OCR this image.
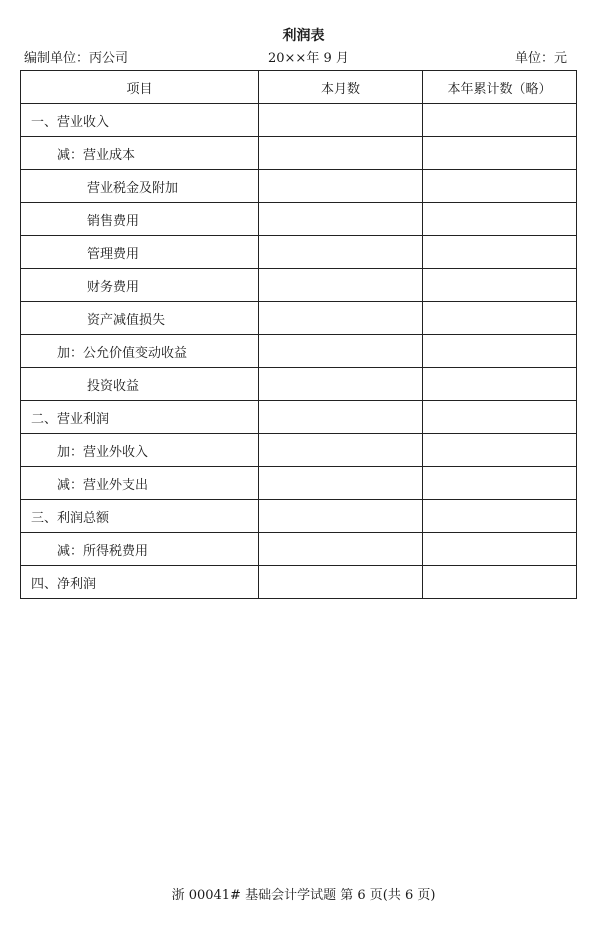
利润表
编制单位：丙公司	20××年 9 月	单位：元
项目	本月数	本年累计数（略）
一、营业收入		
减：营业成本		
营业税金及附加		
销售费用		
管理费用		
财务费用		
资产减值损失		
加：公允价值变动收益		
投资收益		
二、营业利润		
加：营业外收入		
减：营业外支出		
三、利润总额		
减：所得税费用		
四、净利润		
浙 00041# 基础会计学试题 第 6 页(共 6 页)
